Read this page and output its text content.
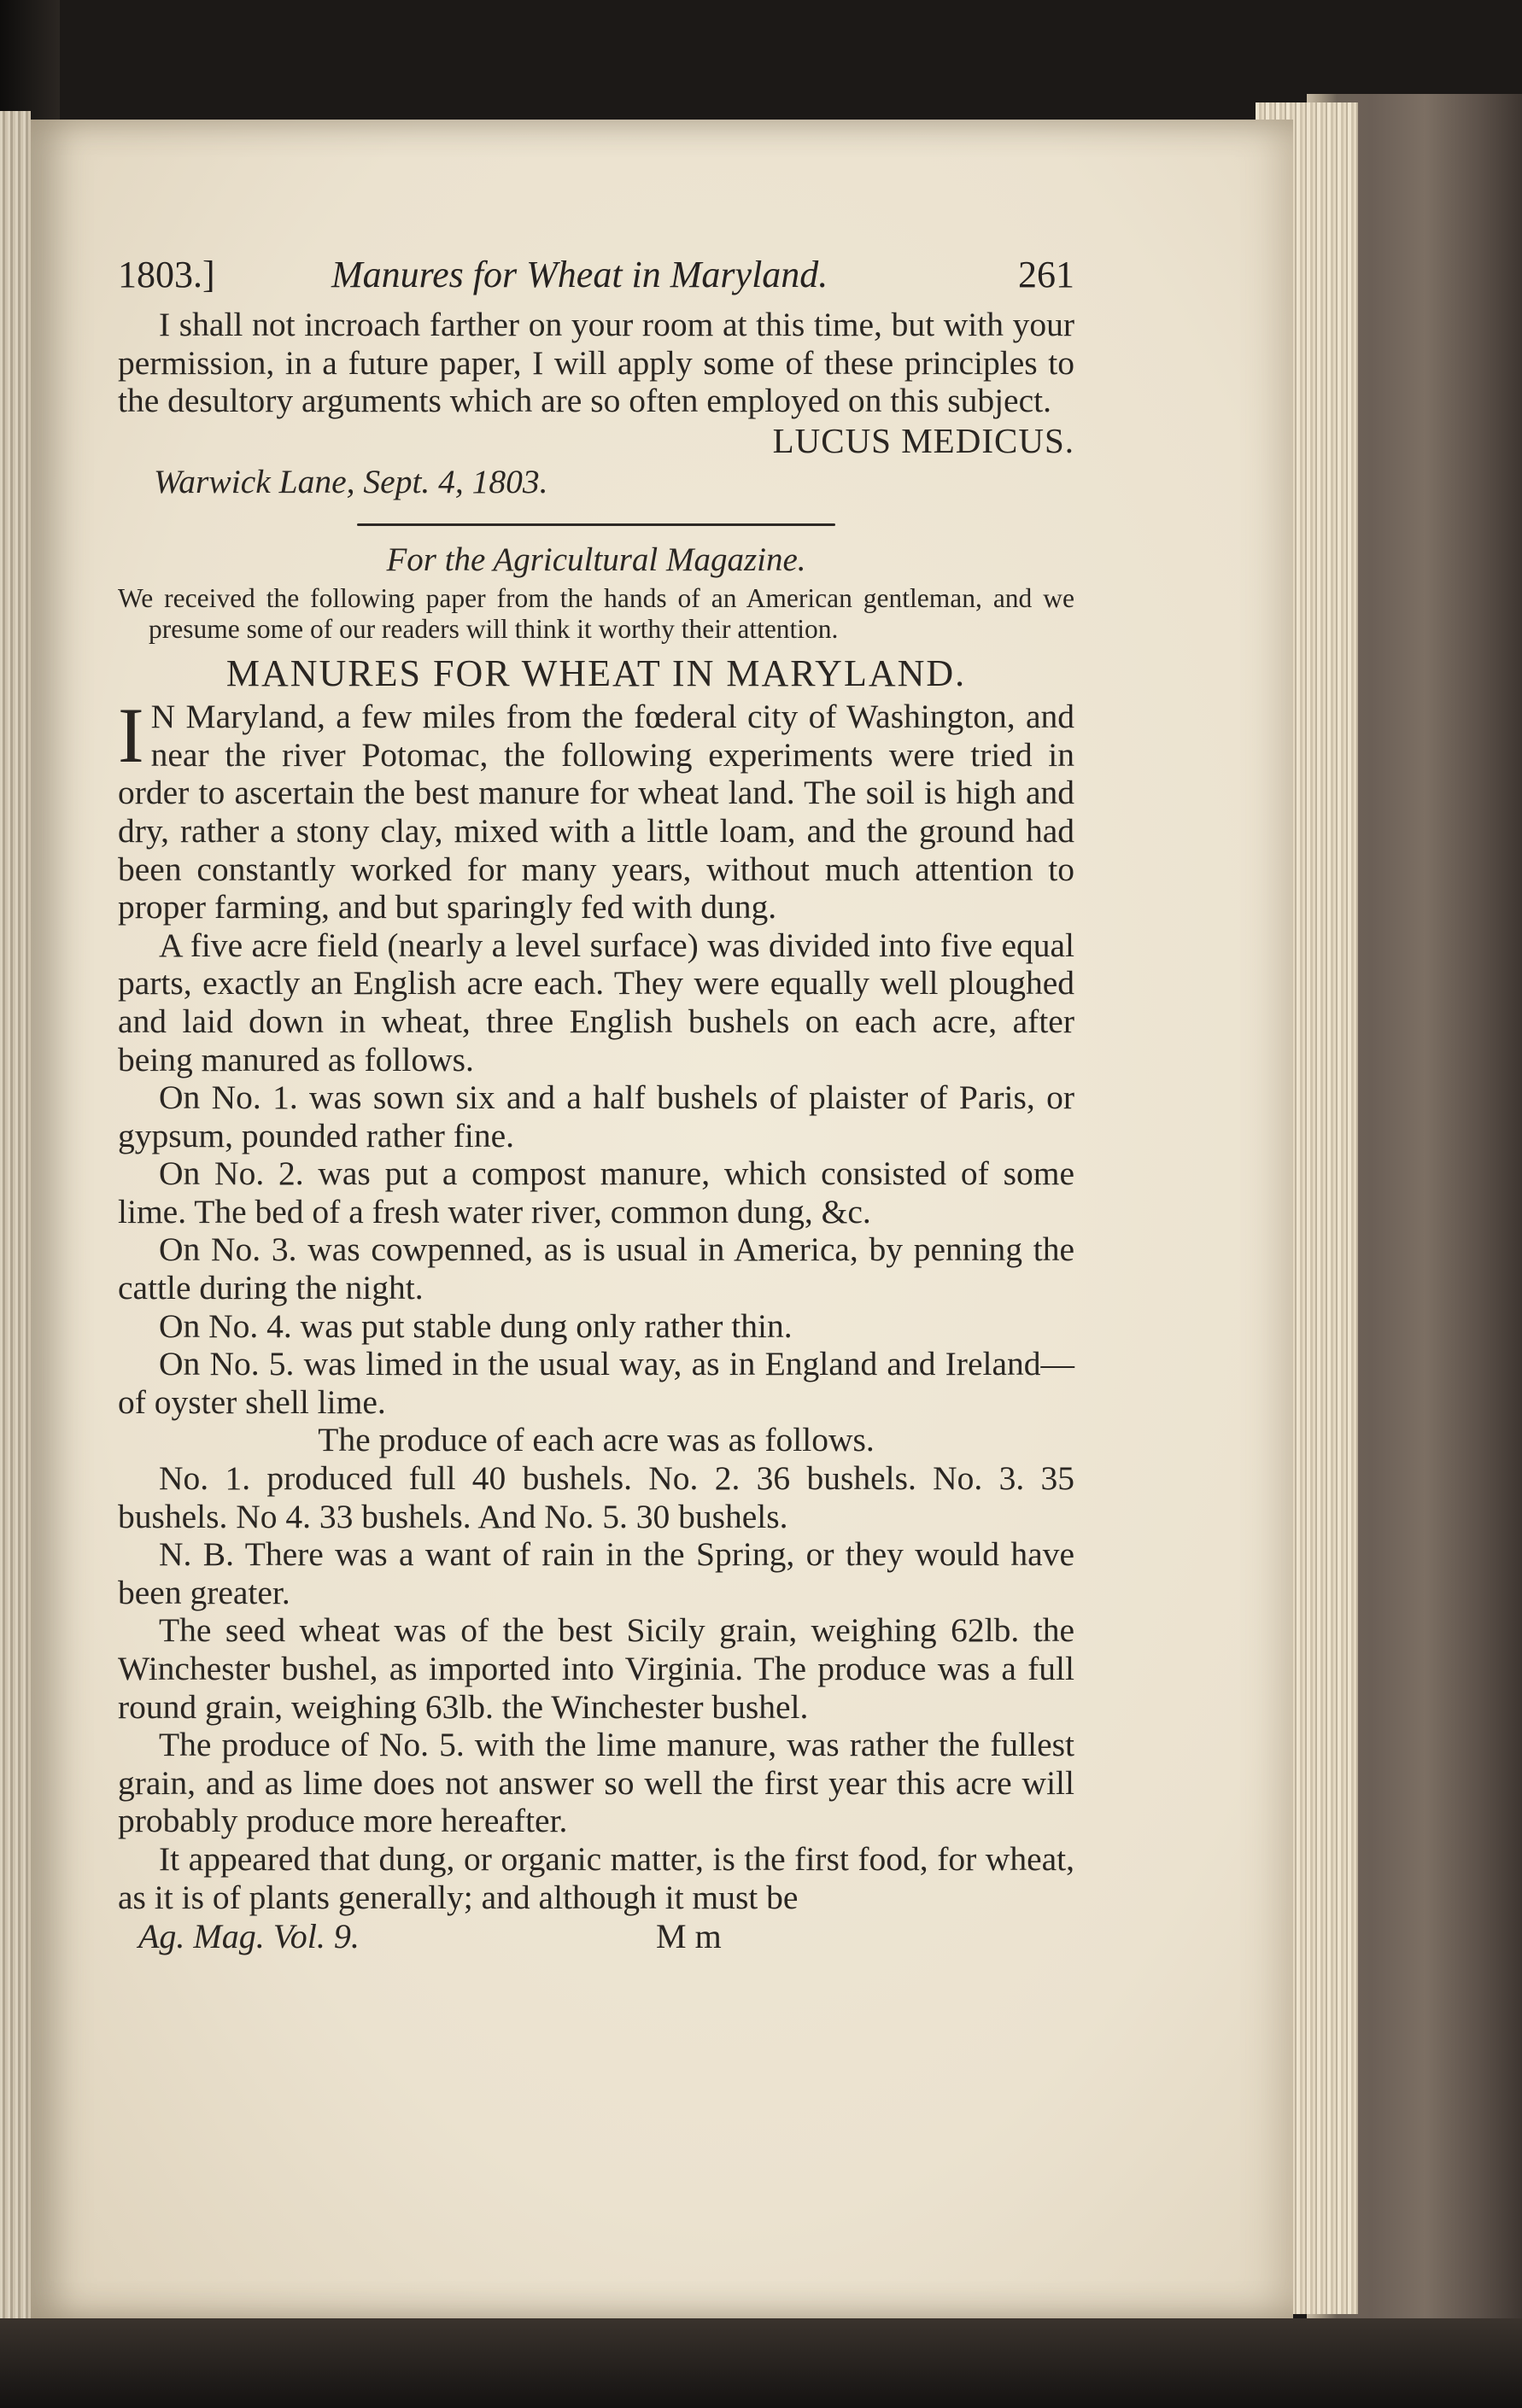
1803.]	Manures for Wheat in Maryland.	261

I shall not incroach farther on your room at this time, but with your permission, in a future paper, I will apply some of these principles to the desultory arguments which are so often employed on this subject.

LUCUS MEDICUS.

Warwick Lane, Sept. 4, 1803.

For the Agricultural Magazine.

We received the following paper from the hands of an American gentleman, and we presume some of our readers will think it worthy their attention.

MANURES FOR WHEAT IN MARYLAND.

IN Maryland, a few miles from the fœderal city of Washington, and near the river Potomac, the following experiments were tried in order to ascertain the best manure for wheat land. The soil is high and dry, rather a stony clay, mixed with a little loam, and the ground had been constantly worked for many years, without much attention to proper farming, and but sparingly fed with dung.

A five acre field (nearly a level surface) was divided into five equal parts, exactly an English acre each. They were equally well ploughed and laid down in wheat, three English bushels on each acre, after being manured as follows.

On No. 1. was sown six and a half bushels of plaister of Paris, or gypsum, pounded rather fine.

On No. 2. was put a compost manure, which consisted of some lime. The bed of a fresh water river, common dung, &c.

On No. 3. was cowpenned, as is usual in America, by penning the cattle during the night.

On No. 4. was put stable dung only rather thin.

On No. 5. was limed in the usual way, as in England and Ireland—of oyster shell lime.

The produce of each acre was as follows.

No. 1. produced full 40 bushels. No. 2. 36 bushels. No. 3. 35 bushels. No 4. 33 bushels. And No. 5. 30 bushels.

N. B. There was a want of rain in the Spring, or they would have been greater.

The seed wheat was of the best Sicily grain, weighing 62lb. the Winchester bushel, as imported into Virginia. The produce was a full round grain, weighing 63lb. the Winchester bushel.

The produce of No. 5. with the lime manure, was rather the fullest grain, and as lime does not answer so well the first year this acre will probably produce more hereafter.

It appeared that dung, or organic matter, is the first food, for wheat, as it is of plants generally; and although it must be

Ag. Mag. Vol. 9.	M m
